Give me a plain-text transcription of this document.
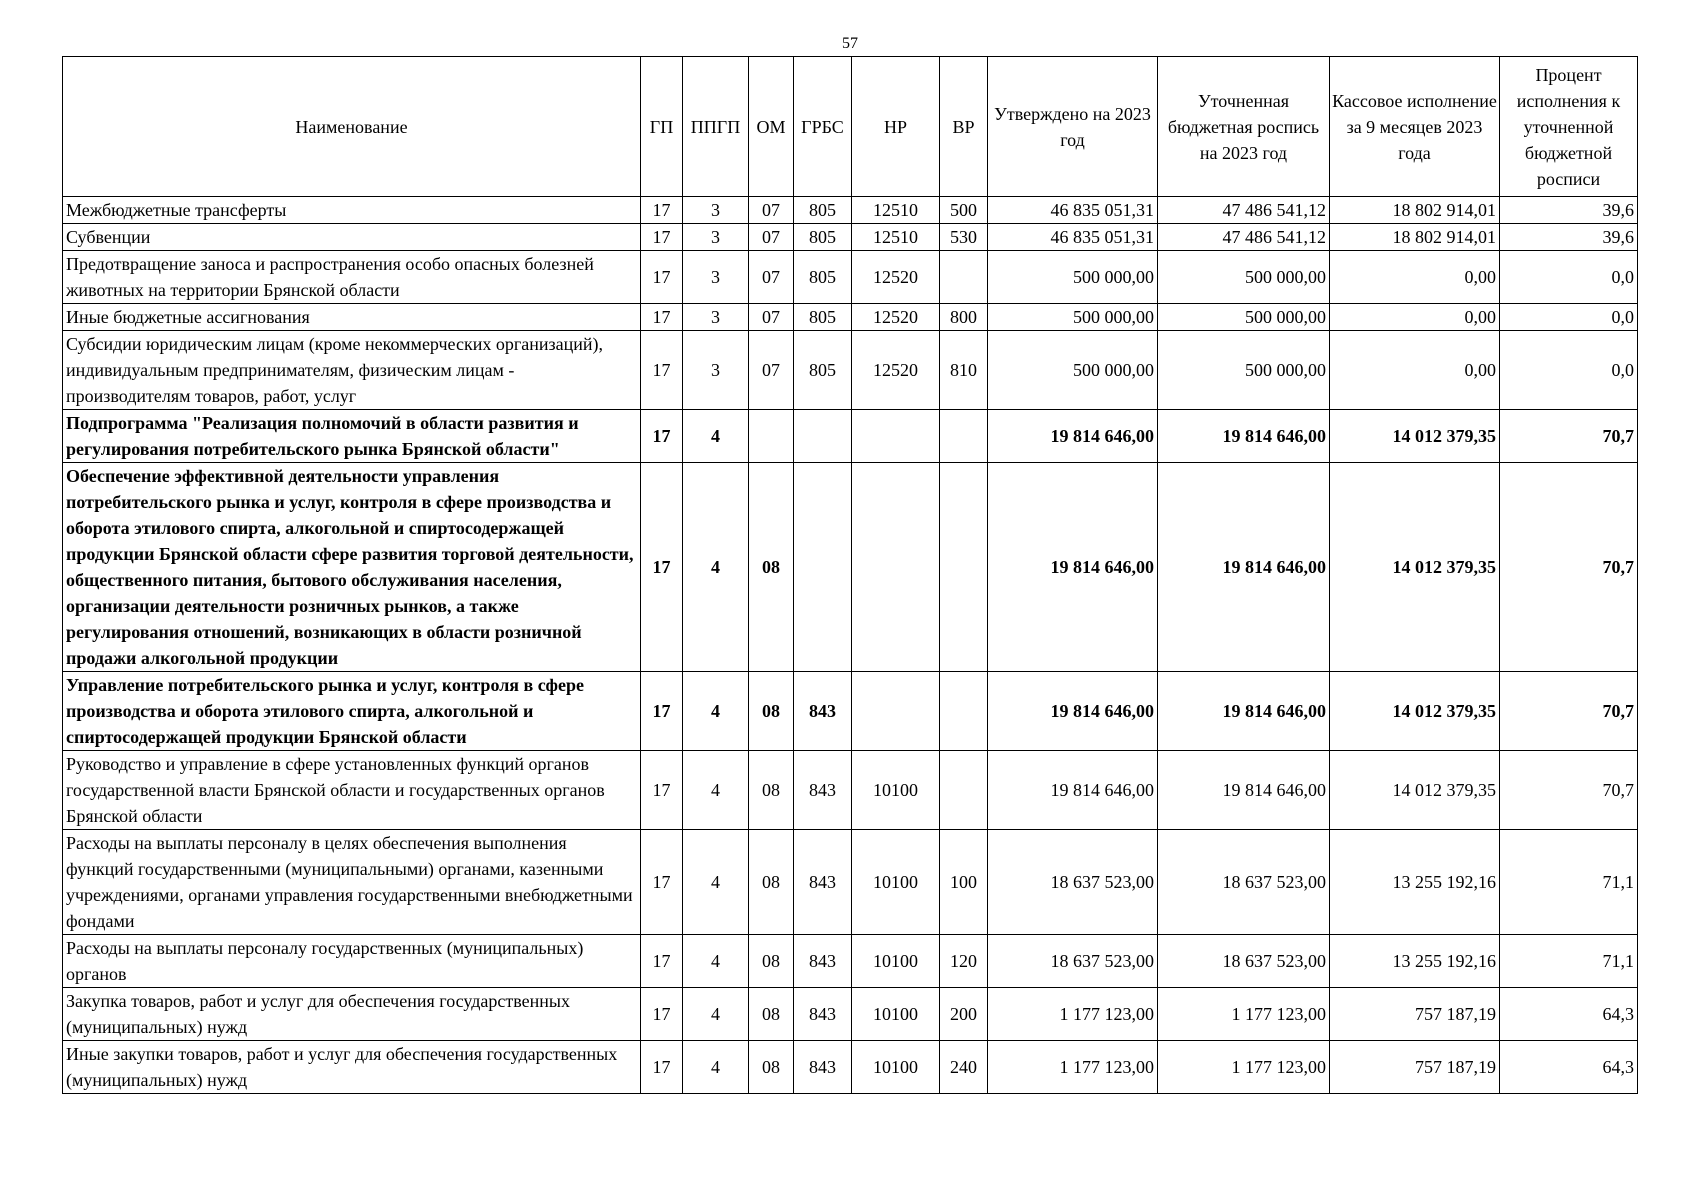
57
Наименование	ГП	ППГП	ОМ	ГРБС	НР	ВР	Утверждено на 2023 год	Уточненная бюджетная роспись на 2023 год	Кассовое исполнение за 9 месяцев 2023 года	Процент исполнения к уточненной бюджетной росписи
Межбюджетные трансферты	17	3	07	805	12510	500	46 835 051,31	47 486 541,12	18 802 914,01	39,6
Субвенции	17	3	07	805	12510	530	46 835 051,31	47 486 541,12	18 802 914,01	39,6
Предотвращение заноса и распространения особо опасных болезней животных на территории Брянской области	17	3	07	805	12520		500 000,00	500 000,00	0,00	0,0
Иные бюджетные ассигнования	17	3	07	805	12520	800	500 000,00	500 000,00	0,00	0,0
Субсидии юридическим лицам (кроме некоммерческих организаций), индивидуальным предпринимателям, физическим лицам - производителям товаров, работ, услуг	17	3	07	805	12520	810	500 000,00	500 000,00	0,00	0,0
Подпрограмма "Реализация полномочий в области развития и регулирования потребительского рынка Брянской области"	17	4					19 814 646,00	19 814 646,00	14 012 379,35	70,7
Обеспечение эффективной деятельности управления потребительского рынка и услуг, контроля в сфере производства и оборота этилового спирта, алкогольной и спиртосодержащей продукции Брянской области сфере развития торговой деятельности, общественного питания, бытового обслуживания населения, организации деятельности розничных рынков, а также регулирования отношений, возникающих в области розничной продажи алкогольной продукции	17	4	08				19 814 646,00	19 814 646,00	14 012 379,35	70,7
Управление потребительского рынка и услуг, контроля в сфере производства и оборота этилового спирта, алкогольной и спиртосодержащей продукции Брянской области	17	4	08	843			19 814 646,00	19 814 646,00	14 012 379,35	70,7
Руководство и управление в сфере установленных функций органов государственной власти Брянской области и государственных органов Брянской области	17	4	08	843	10100		19 814 646,00	19 814 646,00	14 012 379,35	70,7
Расходы на выплаты персоналу в целях обеспечения выполнения функций государственными (муниципальными) органами, казенными учреждениями, органами управления государственными внебюджетными фондами	17	4	08	843	10100	100	18 637 523,00	18 637 523,00	13 255 192,16	71,1
Расходы на выплаты персоналу государственных (муниципальных) органов	17	4	08	843	10100	120	18 637 523,00	18 637 523,00	13 255 192,16	71,1
Закупка товаров, работ и услуг для обеспечения государственных (муниципальных) нужд	17	4	08	843	10100	200	1 177 123,00	1 177 123,00	757 187,19	64,3
Иные закупки товаров, работ и услуг для обеспечения государственных (муниципальных) нужд	17	4	08	843	10100	240	1 177 123,00	1 177 123,00	757 187,19	64,3
